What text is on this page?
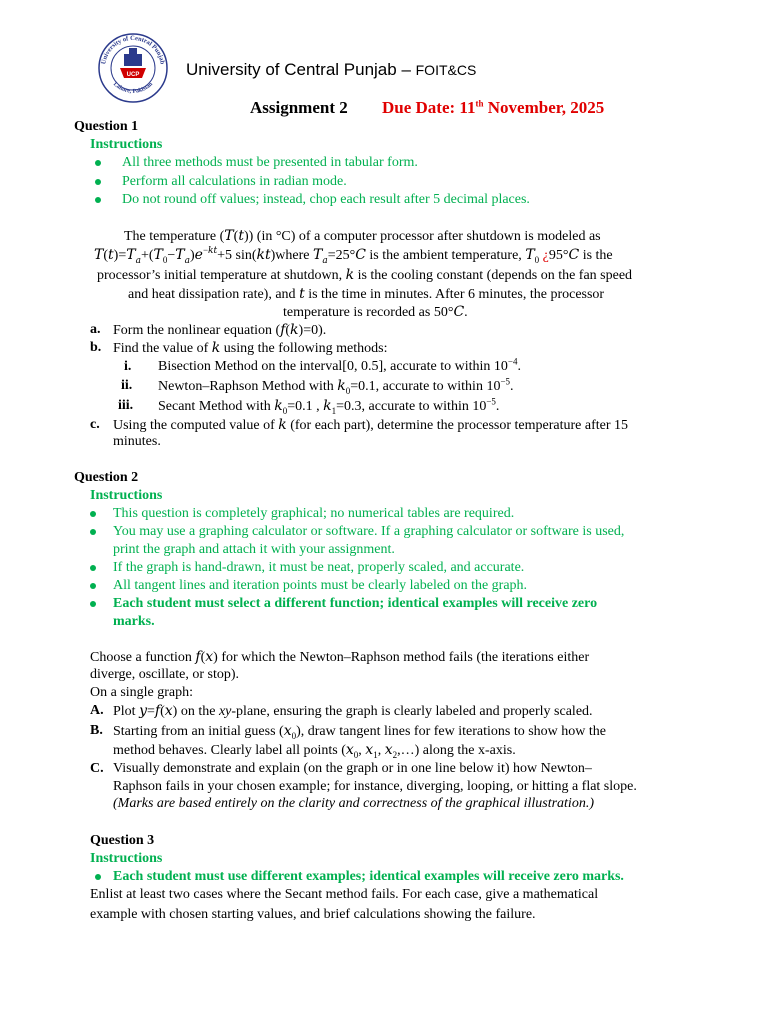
University of Central Punjab
Lahore, Pakistan
UCP	University of Central Punjab – FOIT&CS
Assignment 2 Due Date: 11th November, 2025
Question 1
Instructions
All three methods must be presented in tabular form.
Perform all calculations in radian mode.
Do not round off values; instead, chop each result after 5 decimal places.
The temperature (T(t)) (in °C) of a computer processor after shutdown is modeled as
$T(t)=T_a+(T_0-T_a)e^{-kt}+5$ sin(kt)where $T_a=25^\circ C$ is the ambient temperature, $T_0$ ¿95°C is the
processor’s initial temperature at shutdown, k is the cooling constant (depends on the fan speed
and heat dissipation rate), and t is the time in minutes. After 6 minutes, the processor
temperature is recorded as 50°C.
a. Form the nonlinear equation (f(k)=0).
b. Find the value of k using the following methods:
i. Bisection Method on the interval[0, 0.5], accurate to within $10^{-4}$.
ii. Newton–Raphson Method with $k_0=0.1$, accurate to within $10^{-5}$.
iii. Secant Method with $k_0=0.1$ , $k_1=0.3$, accurate to within $10^{-5}$.
c. Using the computed value of k (for each part), determine the processor temperature after 15
minutes.
Question 2
Instructions
This question is completely graphical; no numerical tables are required.
You may use a graphing calculator or software. If a graphing calculator or software is used,
print the graph and attach it with your assignment.
If the graph is hand-drawn, it must be neat, properly scaled, and accurate.
All tangent lines and iteration points must be clearly labeled on the graph.
Each student must select a different function; identical examples will receive zero
marks.
Choose a function f(x) for which the Newton–Raphson method fails (the iterations either
diverge, oscillate, or stop).
On a single graph:
A. Plot y=f(x) on the xy-plane, ensuring the graph is clearly labeled and properly scaled.
B. Starting from an initial guess $(x_0)$, draw tangent lines for few iterations to show how the
method behaves. Clearly label all points ($x_0$, $x_1$, $x_2,\dots$) along the x-axis.
C. Visually demonstrate and explain (on the graph or in one line below it) how Newton–
Raphson fails in your chosen example; for instance, diverging, looping, or hitting a flat slope.
(Marks are based entirely on the clarity and correctness of the graphical illustration.)
Question 3
Instructions
Each student must use different examples; identical examples will receive zero marks.
Enlist at least two cases where the Secant method fails. For each case, give a mathematical
example with chosen starting values, and brief calculations showing the failure.
